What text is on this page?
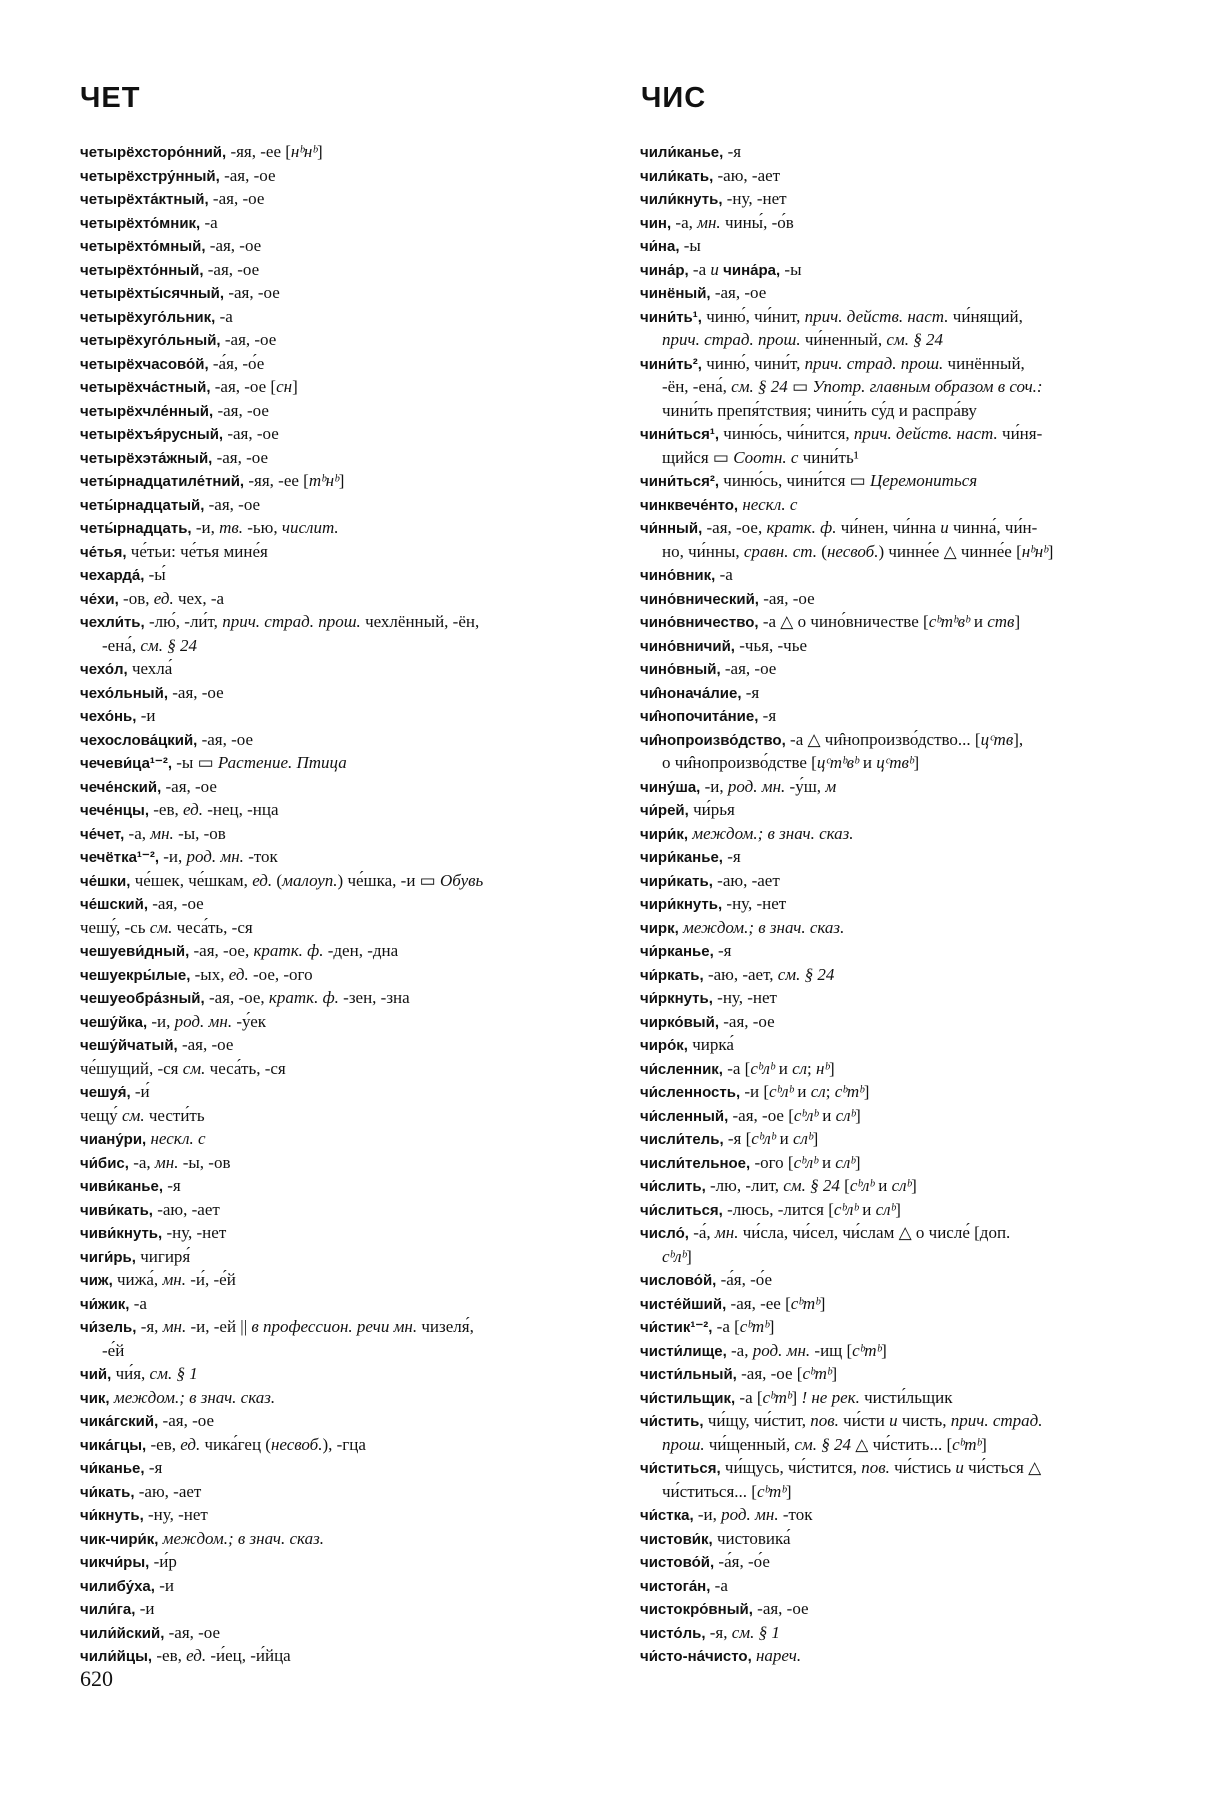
ЧЕТ	ЧИС
четырёхсторо́нний, -яя, -ее [нᵇнᵇ]
четырёхстру́нный, -ая, -ое
четырёхта́ктный, -ая, -ое
четырёхто́мник, -а
четырёхто́мный, -ая, -ое
четырёхто́нный, -ая, -ое
четырёхты́сячный, -ая, -ое
четырёхуго́льник, -а
четырёхуго́льный, -ая, -ое
четырёхчасово́й, -а́я, -о́е
четырёхча́стный, -ая, -ое [сн]
четырёхчле́нный, -ая, -ое
четырёхъя́русный, -ая, -ое
четырёхэта́жный, -ая, -ое
четы́рнадцатиле́тний, -яя, -ее [тᵇнᵇ]
четы́рнадцатый, -ая, -ое
четы́рнадцать, -и, тв. -ью, числит.
че́тья, че́тьи: че́тья мине́я
чехарда́, -ы́
че́хи, -ов, ед. чех, -а
чехли́ть, -лю́, -ли́т, прич. страд. прош. чехлённый, -ён,
-ена́, см. § 24
чехо́л, чехла́
чехо́льный, -ая, -ое
чехо́нь, -и
чехослова́цкий, -ая, -ое
чечеви́ца¹⁻², -ы ▭ Растение. Птица
чече́нский, -ая, -ое
чече́нцы, -ев, ед. -нец, -нца
че́чет, -а, мн. -ы, -ов
чечётка¹⁻², -и, род. мн. -ток
че́шки, че́шек, че́шкам, ед. (малоуп.) че́шка, -и ▭ Обувь
че́шский, -ая, -ое
чешу́, -сь см. чеса́ть, -ся
чешуеви́дный, -ая, -ое, кратк. ф. -ден, -дна
чешуекры́лые, -ых, ед. -ое, -ого
чешуеобра́зный, -ая, -ое, кратк. ф. -зен, -зна
чешу́йка, -и, род. мн. -у́ек
чешу́йчатый, -ая, -ое
че́шущий, -ся см. чеса́ть, -ся
чешуя́, -и́
чещу́ см. чести́ть
чиану́ри, нескл. с
чи́бис, -а, мн. -ы, -ов
чиви́канье, -я
чиви́кать, -аю, -ает
чиви́кнуть, -ну, -нет
чиги́рь, чигиря́
чиж, чижа́, мн. -и́, -е́й
чи́жик, -а
чи́зель, -я, мн. -и, -ей || в профессион. речи мн. чизеля́,
-е́й
чий, чи́я, см. § 1
чик, междом.; в знач. сказ.
чика́гский, -ая, -ое
чика́гцы, -ев, ед. чика́гец (несвоб.), -гца
чи́канье, -я
чи́кать, -аю, -ает
чи́кнуть, -ну, -нет
чик-чири́к, междом.; в знач. сказ.
чикчи́ры, -и́р
чилибу́ха, -и
чили́га, -и
чили́йский, -ая, -ое
чили́йцы, -ев, ед. -и́ец, -и́йца
чили́канье, -я
чили́кать, -аю, -ает
чили́кнуть, -ну, -нет
чин, -а, мн. чины́, -о́в
чи́на, -ы
чина́р, -а и чина́ра, -ы
чинёный, -ая, -ое
чини́ть¹, чиню́, чи́нит, прич. действ. наст. чи́нящий,
прич. страд. прош. чи́ненный, см. § 24
чини́ть², чиню́, чини́т, прич. страд. прош. чинённый,
-ён, -ена́, см. § 24 ▭ Употр. главным образом в соч.:
чини́ть препя́тствия; чини́ть су́д и распра́ву
чини́ться¹, чиню́сь, чи́нится, прич. действ. наст. чи́ня-
щийся ▭ Соотн. с чини́ть¹
чини́ться², чиню́сь, чини́тся ▭ Церемониться
чинквече́нто, нескл. с
чи́нный, -ая, -ое, кратк. ф. чи́нен, чи́нна и чинна́, чи́н-
но, чи́нны, сравн. ст. (несвоб.) чинне́е △ чинне́е [нᵇнᵇ]
чино́вник, -а
чино́внический, -ая, -ое
чино́вничество, -а △ о чино́вничестве [сᵇтᵇвᵇ и ств]
чино́вничий, -чья, -чье
чино́вный, -ая, -ое
чи̂нонача́лие, -я
чи̂нопочита́ние, -я
чи̂нопроизво́дство, -а △ чи̂нопроизво́дство... [цᶜтв],
о чи̂нопроизво́дстве [цᶜтᵇвᵇ и цᶜтвᵇ]
чину́ша, -и, род. мн. -у́ш, м
чи́рей, чи́рья
чири́к, междом.; в знач. сказ.
чири́канье, -я
чири́кать, -аю, -ает
чири́кнуть, -ну, -нет
чирк, междом.; в знач. сказ.
чи́рканье, -я
чи́ркать, -аю, -ает, см. § 24
чи́ркнуть, -ну, -нет
чирко́вый, -ая, -ое
чиро́к, чирка́
чи́сленник, -а [сᵇлᵇ и сл; нᵇ]
чи́сленность, -и [сᵇлᵇ и сл; сᵇтᵇ]
чи́сленный, -ая, -ое [сᵇлᵇ и слᵇ]
числи́тель, -я [сᵇлᵇ и слᵇ]
числи́тельное, -ого [сᵇлᵇ и слᵇ]
чи́слить, -лю, -лит, см. § 24 [сᵇлᵇ и слᵇ]
чи́слиться, -люсь, -лится [сᵇлᵇ и слᵇ]
число́, -а́, мн. чи́сла, чи́сел, чи́слам △ о числе́ [доп.
сᵇлᵇ]
числово́й, -а́я, -о́е
чисте́йший, -ая, -ее [сᵇтᵇ]
чи́стик¹⁻², -а [сᵇтᵇ]
чисти́лище, -а, род. мн. -ищ [сᵇтᵇ]
чисти́льный, -ая, -ое [сᵇтᵇ]
чи́стильщик, -а [сᵇтᵇ] ! не рек. чисти́льщик
чи́стить, чи́щу, чи́стит, пов. чи́сти и чисть, прич. страд.
прош. чи́щенный, см. § 24 △ чи́стить... [сᵇтᵇ]
чи́ститься, чи́щусь, чи́стится, пов. чи́стись и чи́сться △
чи́ститься... [сᵇтᵇ]
чи́стка, -и, род. мн. -ток
чистови́к, чистовика́
чистово́й, -а́я, -о́е
чистога́н, -а
чистокро́вный, -ая, -ое
чисто́ль, -я, см. § 1
чи́сто-на́чисто, нареч.
620
